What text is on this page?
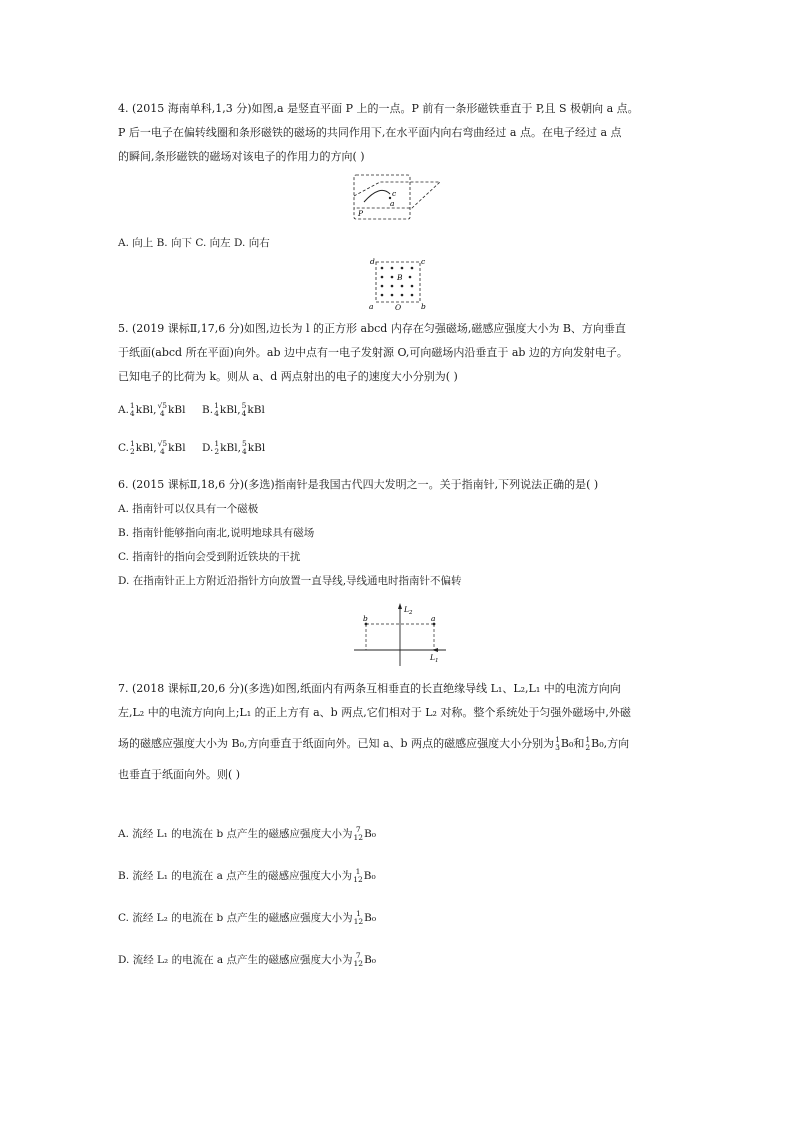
4. (2015 海南单科,1,3 分)如图,a 是竖直平面 P 上的一点。P 前有一条形磁铁垂直于 P,且 S 极朝向 a 点。
P 后一电子在偏转线圈和条形磁铁的磁场的共同作用下,在水平面内向右弯曲经过 a 点。在电子经过 a 点
的瞬间,条形磁铁的磁场对该电子的作用力的方向( )
c
a
P
A. 向上 B. 向下 C. 向左 D. 向右
d	c
B
a	O	b
5. (2019 课标Ⅱ,17,6 分)如图,边长为 l 的正方形 abcd 内存在匀强磁场,磁感应强度大小为 B、方向垂直
于纸面(abcd 所在平面)向外。ab 边中点有一电子发射源 O,可向磁场内沿垂直于 ab 边的方向发射电子。
已知电子的比荷为 k。则从 a、d 两点射出的电子的速度大小分别为( )
A. 1
4 kBl, √5
4 kBl B. 1
4 kBl, 5
4 kBl
C. 1
2 kBl, √5
4 kBl D. 1
2 kBl, 5
4 kBl
6. (2015 课标Ⅱ,18,6 分)(多选)指南针是我国古代四大发明之一。关于指南针,下列说法正确的是( )
A. 指南针可以仅具有一个磁极
B. 指南针能够指向南北,说明地球具有磁场
C. 指南针的指向会受到附近铁块的干扰
D. 在指南针正上方附近沿指针方向放置一直导线,导线通电时指南针不偏转
$L_2$
b	a
$L_1$
7. (2018 课标Ⅱ,20,6 分)(多选)如图,纸面内有两条互相垂直的长直绝缘导线 L₁、L₂,L₁ 中的电流方向向
左,L₂ 中的电流方向向上;L₁ 的正上方有 a、b 两点,它们相对于 L₂ 对称。整个系统处于匀强外磁场中,外磁
场的磁感应强度大小为 B₀,方向垂直于纸面向外。已知 a、b 两点的磁感应强度大小分别为 1
3 B₀和 1
2 B₀,方向
也垂直于纸面向外。则( )
A. 流经 L₁ 的电流在 b 点产生的磁感应强度大小为 7
12 B₀
B. 流经 L₁ 的电流在 a 点产生的磁感应强度大小为 1
12 B₀
C. 流经 L₂ 的电流在 b 点产生的磁感应强度大小为 1
12 B₀
D. 流经 L₂ 的电流在 a 点产生的磁感应强度大小为 7
12 B₀
